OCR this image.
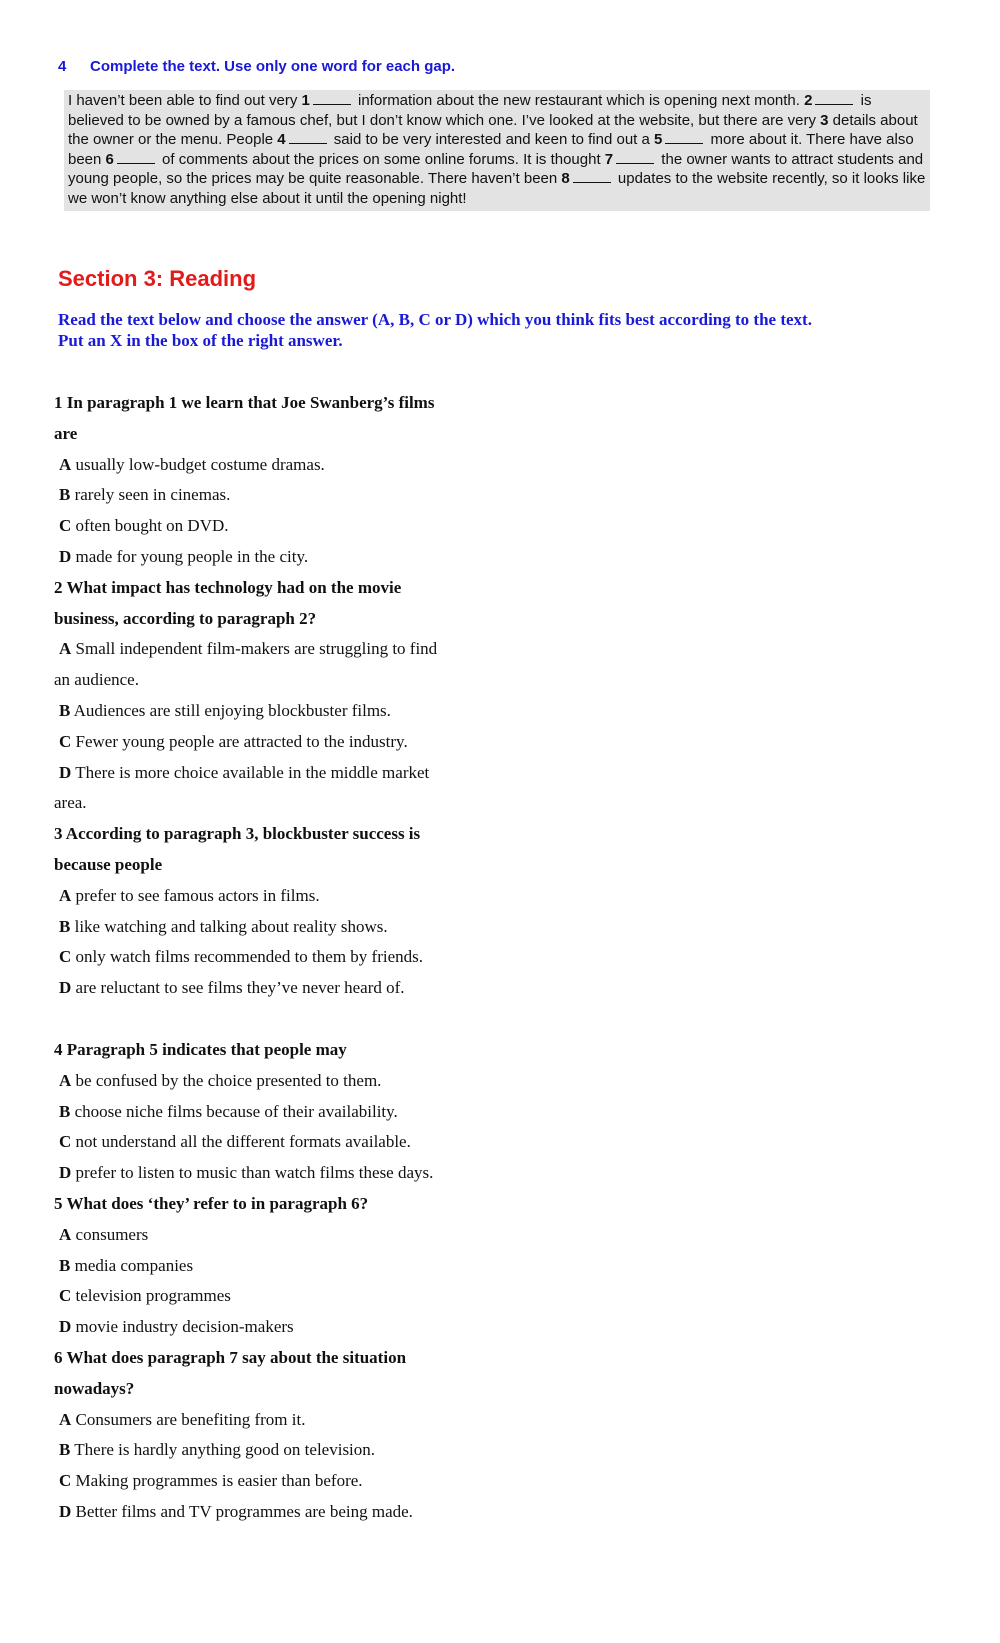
4 Complete the text. Use only one word for each gap.
I haven’t been able to find out very 1	information about the new restaurant which is opening next month. 2	is believed to be owned by a famous chef, but I don’t know which one. I’ve looked at the website, but there are very 3 details about the owner or the menu. People 4	said to be very interested and keen to find out a 5	more about it. There have also been 6	of comments about the prices on some online forums. It is thought 7	the owner wants to attract students and young people, so the prices may be quite reasonable. There haven’t been 8	updates to the website recently, so it looks like we won’t know anything else about it until the opening night!
Section 3: Reading
Read the text below and choose the answer (A, B, C or D) which you think fits best according to the text.
Put an X in the box of the right answer.
1 In paragraph 1 we learn that Joe Swanberg’s films
are
A usually low-budget costume dramas.
B rarely seen in cinemas.
C often bought on DVD.
D made for young people in the city.
2 What impact has technology had on the movie
business, according to paragraph 2?
A Small independent film-makers are struggling to find
an audience.
B Audiences are still enjoying blockbuster films.
C Fewer young people are attracted to the industry.
D There is more choice available in the middle market
area.
3 According to paragraph 3, blockbuster success is
because people
A prefer to see famous actors in films.
B like watching and talking about reality shows.
C only watch films recommended to them by friends.
D are reluctant to see films they’ve never heard of.
4 Paragraph 5 indicates that people may
A be confused by the choice presented to them.
B choose niche films because of their availability.
C not understand all the different formats available.
D prefer to listen to music than watch films these days.
5 What does ‘they’ refer to in paragraph 6?
A consumers
B media companies
C television programmes
D movie industry decision-makers
6 What does paragraph 7 say about the situation
nowadays?
A Consumers are benefiting from it.
B There is hardly anything good on television.
C Making programmes is easier than before.
D Better films and TV programmes are being made.
